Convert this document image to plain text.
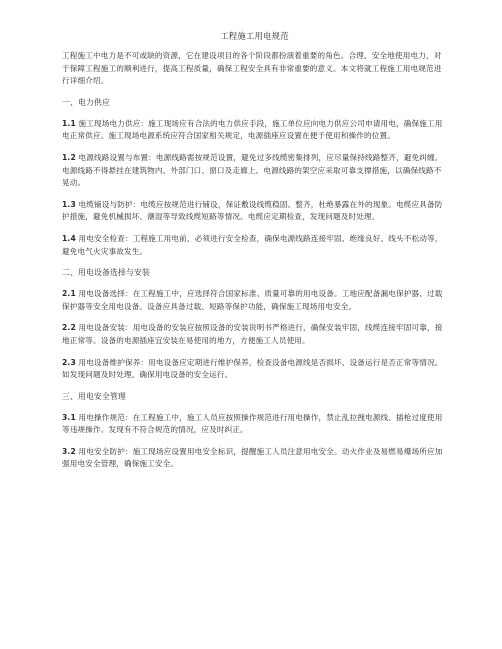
工程施工用电规范
工程施工中电力是不可或缺的资源，它在建设项目的各个阶段都扮演着重要的角色。合理、安全地使用电力，对于保障工程施工的顺利进行，提高工程质量，确保工程安全具有非常重要的意义。本文将就工程施工用电规范进行详细介绍。
一、电力供应
1.1 施工现场电力供应：施工现场应有合法的电力供应手段，施工单位应向电力供应公司申请用电，确保施工用电正常供应。施工现场电源系统应符合国家相关规定，电源插座应设置在便于使用和操作的位置。
1.2 电源线路设置与布置：电源线路需按规范设置，避免过多线缆密集排列，应尽量保持线路整齐，避免纠缠。电源线路不得悬挂在建筑物内、外部门口、窗口及走廊上。电源线路的架空应采取可靠支撑措施，以确保线路不晃动。
1.3 电缆铺设与防护：电缆应按规范进行铺设，保证敷设线缆稳固、整齐，杜绝暴露在外的现象。电缆应具备防护措施，避免机械损坏、潮湿等导致线缆短路等情况。电缆应定期检查，发现问题及时处理。
1.4 用电安全检查：工程施工用电前，必须进行安全检查，确保电源线路连接牢固、绝缘良好、线头不松动等，避免电气火灾事故发生。
二、用电设备选择与安装
2.1 用电设备选择：在工程施工中，应选择符合国家标准、质量可靠的用电设备。工地应配备漏电保护器、过载保护器等安全用电设备。设备应具备过载、短路等保护功能，确保施工现场用电安全。
2.2 用电设备安装：用电设备的安装应按照设备的安装说明书严格进行，确保安装牢固，线缆连接牢固可靠，接地正常等。设备的电源插座宜安装在易使用的地方，方便施工人员使用。
2.3 用电设备维护保养：用电设备应定期进行维护保养，检查设备电源线是否损坏、设备运行是否正常等情况。如发现问题及时处理，确保用电设备的安全运行。
三、用电安全管理
3.1 用电操作规范：在工程施工中，施工人员应按照操作规范进行用电操作，禁止乱拉拽电源线、插枪过度使用等违规操作。发现有不符合规范的情况，应及时纠正。
3.2 用电安全防护：施工现场应设置用电安全标识，提醒施工人员注意用电安全。动火作业及易燃易爆场所应加强用电安全管理，确保施工安全。
